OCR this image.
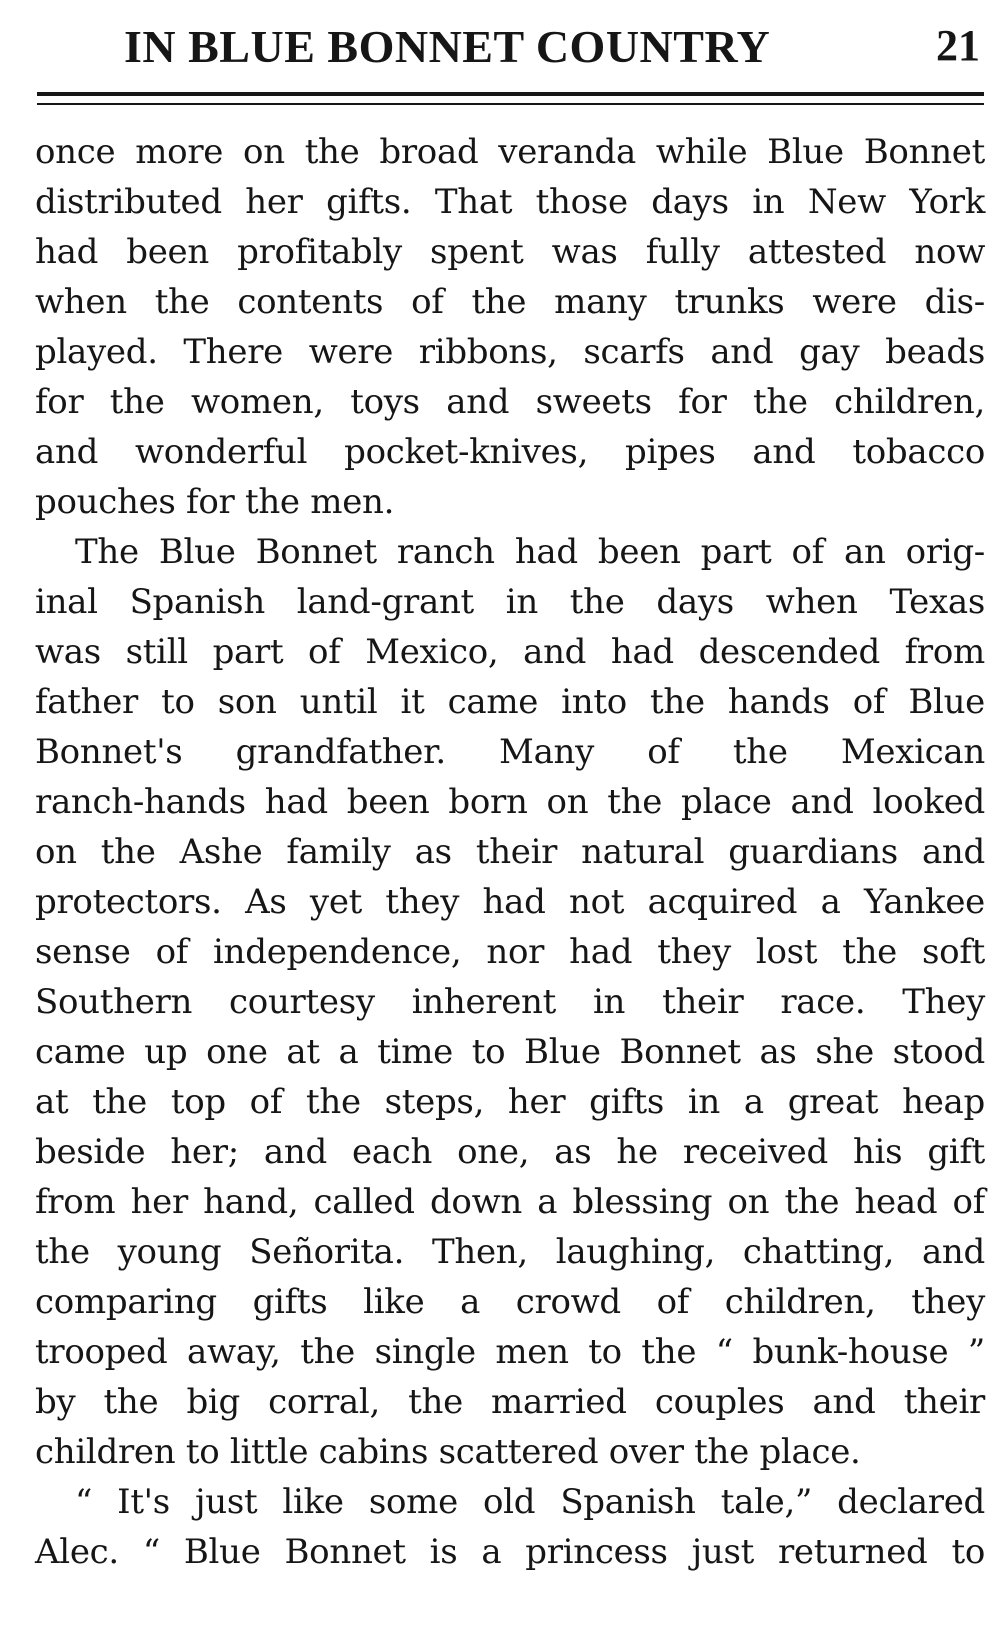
IN BLUE BONNET COUNTRY	21
once more on the broad veranda while Blue Bonnet
distributed her gifts. That those days in New York
had been profitably spent was fully attested now
when the contents of the many trunks were dis-
played. There were ribbons, scarfs and gay beads
for the women, toys and sweets for the children,
and wonderful pocket-knives, pipes and tobacco
pouches for the men.
The Blue Bonnet ranch had been part of an orig-
inal Spanish land-grant in the days when Texas
was still part of Mexico, and had descended from
father to son until it came into the hands of Blue
Bonnet's grandfather. Many of the Mexican
ranch-hands had been born on the place and looked
on the Ashe family as their natural guardians and
protectors. As yet they had not acquired a Yankee
sense of independence, nor had they lost the soft
Southern courtesy inherent in their race. They
came up one at a time to Blue Bonnet as she stood
at the top of the steps, her gifts in a great heap
beside her; and each one, as he received his gift
from her hand, called down a blessing on the head of
the young Señorita. Then, laughing, chatting, and
comparing gifts like a crowd of children, they
trooped away, the single men to the “ bunk-house ”
by the big corral, the married couples and their
children to little cabins scattered over the place.
“ It's just like some old Spanish tale,” declared
Alec. “ Blue Bonnet is a princess just returned to
